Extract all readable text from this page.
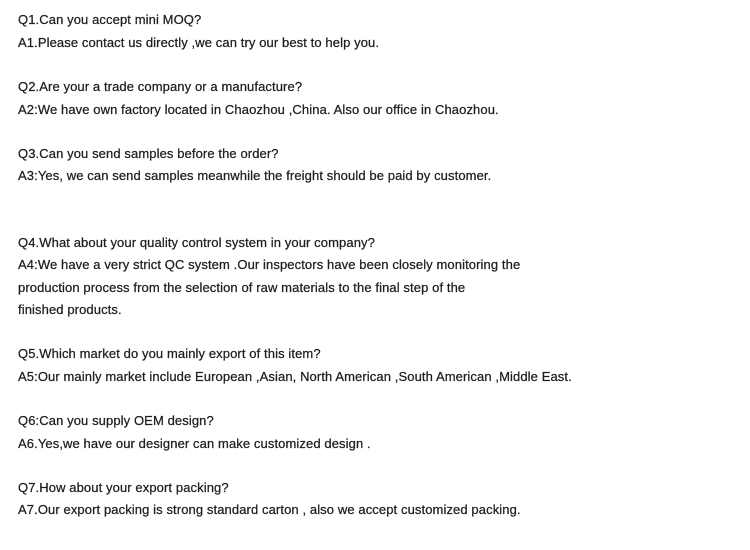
Q1.Can you accept mini MOQ?
A1.Please contact us directly ,we can try our best to help you.
Q2.Are your a trade company or a manufacture?
A2:We have own factory located in Chaozhou ,China. Also our office in Chaozhou.
Q3.Can you send samples before the order?
A3:Yes, we can send samples meanwhile the freight should be paid by customer.
Q4.What about your quality control system in your company?
A4:We have a very strict QC system .Our inspectors have been closely monitoring the
production process from the selection of raw materials to the final step of the
finished products.
Q5.Which market do you mainly export of this item?
A5:Our mainly market include European ,Asian, North American ,South American ,Middle East.
Q6:Can you supply OEM design?
A6.Yes,we have our designer can make customized design .
Q7.How about your export packing?
A7.Our export packing is strong standard carton , also we accept customized packing.
